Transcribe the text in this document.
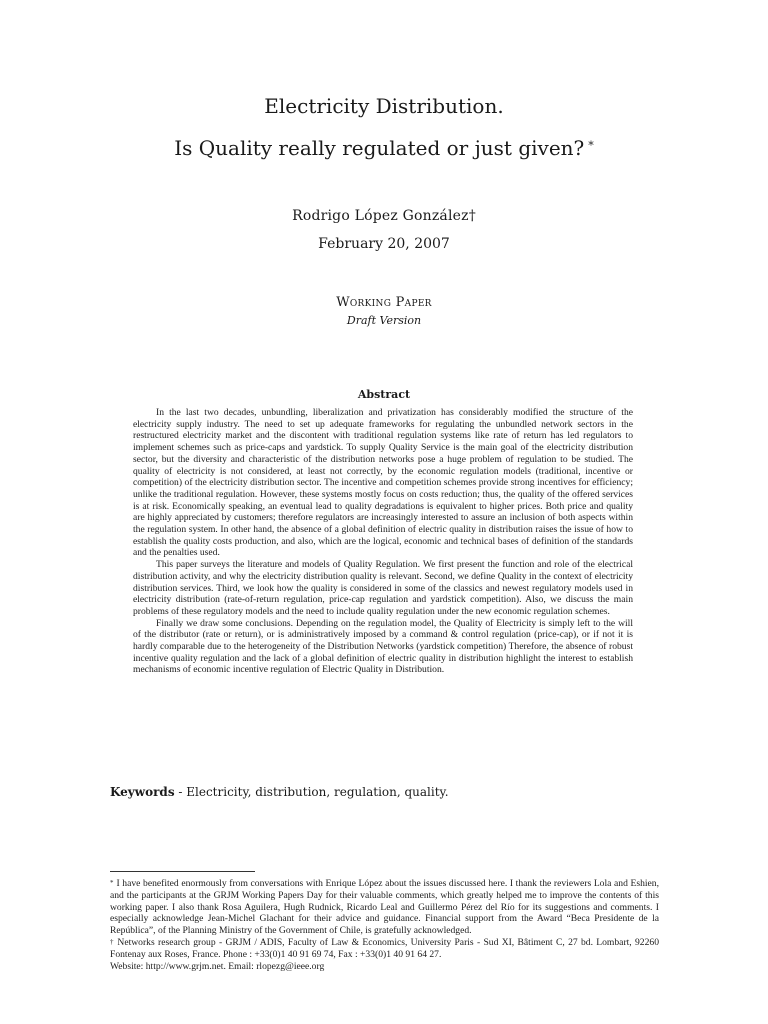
Electricity Distribution.
Is Quality really regulated or just given? *
Rodrigo López González†
February 20, 2007
Working Paper
Draft Version
Abstract

In the last two decades, unbundling, liberalization and privatization has considerably modified the structure of the electricity supply industry. The need to set up adequate frameworks for regulating the unbundled network sectors in the restructured electricity market and the discontent with traditional regulation systems like rate of return has led regulators to implement schemes such as price-caps and yardstick. To supply Quality Service is the main goal of the electricity distribution sector, but the diversity and characteristic of the distribution networks pose a huge problem of regulation to be studied. The quality of electricity is not considered, at least not correctly, by the economic regulation models (traditional, incentive or competition) of the electricity distribution sector. The incentive and competition schemes provide strong incentives for efficiency; unlike the traditional regulation. However, these systems mostly focus on costs reduction; thus, the quality of the offered services is at risk. Economically speaking, an eventual lead to quality degradations is equivalent to higher prices. Both price and quality are highly appreciated by customers; therefore regulators are increasingly interested to assure an inclusion of both aspects within the regulation system. In other hand, the absence of a global definition of electric quality in distribution raises the issue of how to establish the quality costs production, and also, which are the logical, economic and technical bases of definition of the standards and the penalties used.

This paper surveys the literature and models of Quality Regulation. We first present the function and role of the electrical distribution activity, and why the electricity distribution quality is relevant. Second, we define Quality in the context of electricity distribution services. Third, we look how the quality is considered in some of the classics and newest regulatory models used in electricity distribution (rate-of-return regulation, price-cap regulation and yardstick competition). Also, we discuss the main problems of these regulatory models and the need to include quality regulation under the new economic regulation schemes.

Finally we draw some conclusions. Depending on the regulation model, the Quality of Electricity is simply left to the will of the distributor (rate or return), or is administratively imposed by a command & control regulation (price-cap), or if not it is hardly comparable due to the heterogeneity of the Distribution Networks (yardstick competition) Therefore, the absence of robust incentive quality regulation and the lack of a global definition of electric quality in distribution highlight the interest to establish mechanisms of economic incentive regulation of Electric Quality in Distribution.

Keywords - Electricity, distribution, regulation, quality.

* I have benefited enormously from conversations with Enrique López about the issues discussed here. I thank the reviewers Lola and Eshien, and the participants at the GRJM Working Papers Day for their valuable comments, which greatly helped me to improve the contents of this working paper. I also thank Rosa Aguilera, Hugh Rudnick, Ricardo Leal and Guillermo Pérez del Río for its suggestions and comments. I especially acknowledge Jean-Michel Glachant for their advice and guidance. Financial support from the Award “Beca Presidente de la República”, of the Planning Ministry of the Government of Chile, is gratefully acknowledged.

† Networks research group - GRJM / ADIS, Faculty of Law & Economics, University Paris - Sud XI, Bâtiment C, 27 bd. Lombart, 92260 Fontenay aux Roses, France. Phone : +33(0)1 40 91 69 74, Fax : +33(0)1 40 91 64 27.

Website: http://www.grjm.net. Email: rlopezg@ieee.org
